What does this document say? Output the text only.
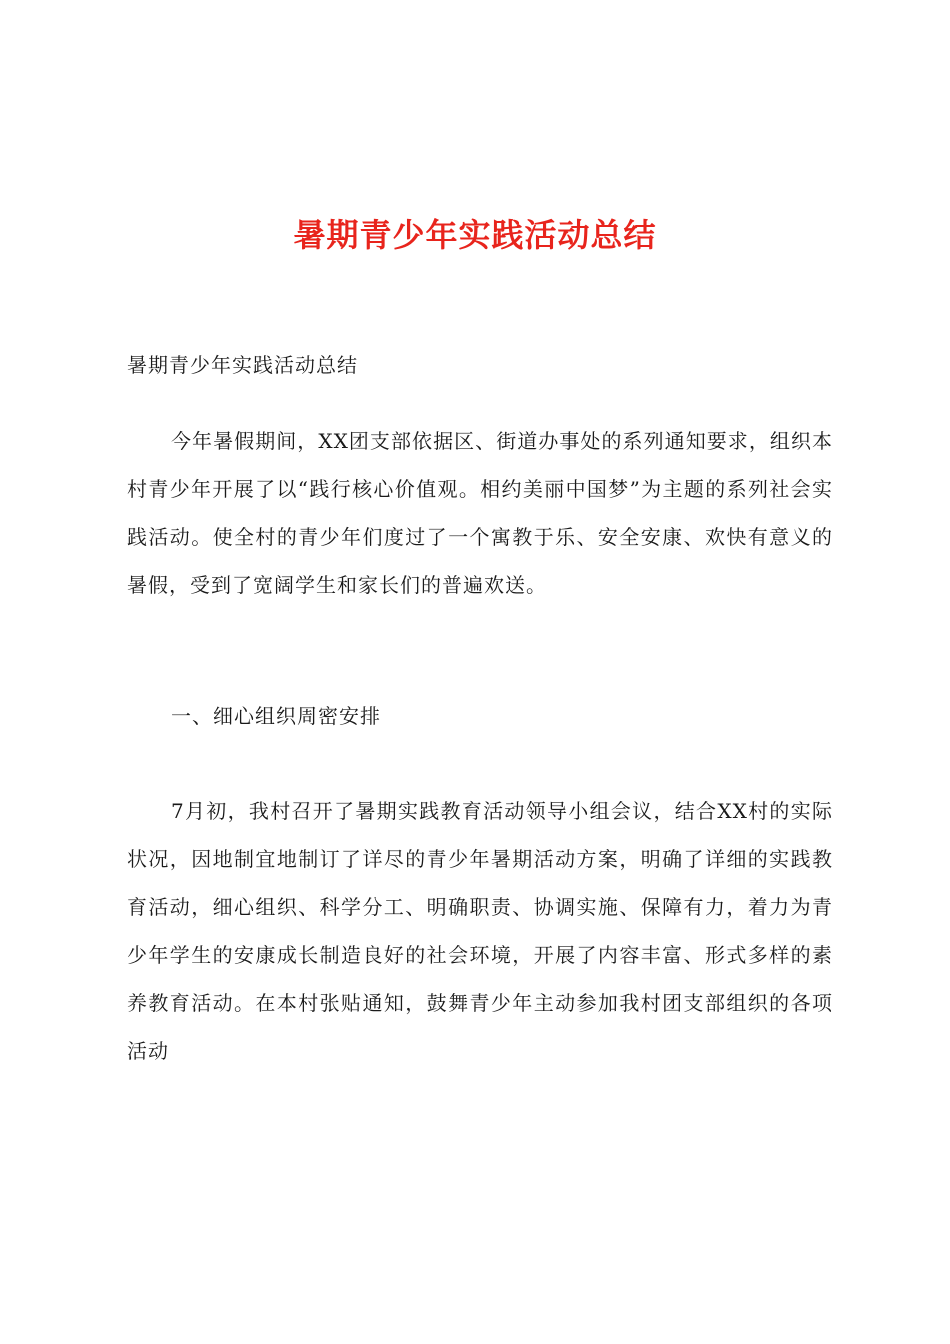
暑期青少年实践活动总结
暑期青少年实践活动总结

今年暑假期间，XX团支部依据区、街道办事处的系列通知要求，组织本村青少年开展了以“践行核心价值观。相约美丽中国梦”为主题的系列社会实践活动。使全村的青少年们度过了一个寓教于乐、安全安康、欢快有意义的暑假，受到了宽阔学生和家长们的普遍欢送。

一、细心组织周密安排

7月初，我村召开了暑期实践教育活动领导小组会议，结合XX村的实际状况，因地制宜地制订了详尽的青少年暑期活动方案，明确了详细的实践教育活动，细心组织、科学分工、明确职责、协调实施、保障有力，着力为青少年学生的安康成长制造良好的社会环境，开展了内容丰富、形式多样的素养教育活动。在本村张贴通知，鼓舞青少年主动参加我村团支部组织的各项活动
